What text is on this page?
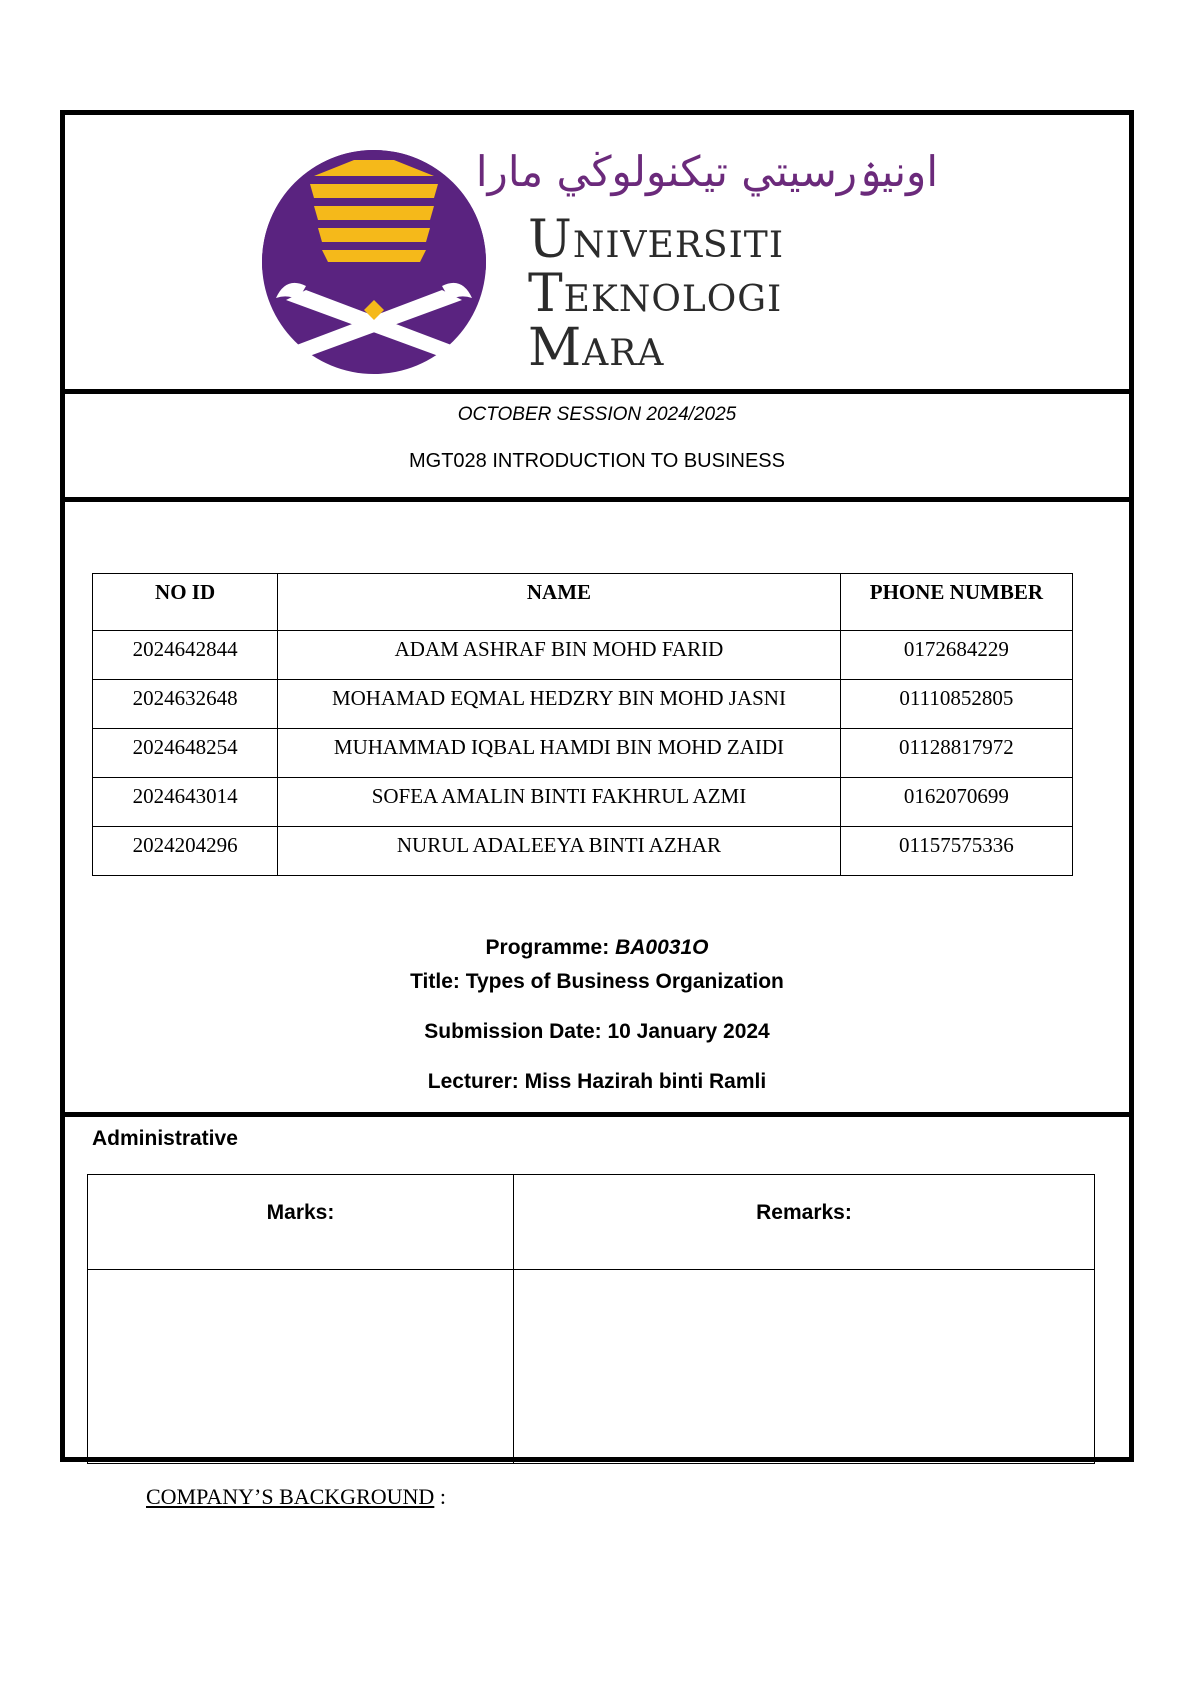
اونيۏرسيتي تيكنولوڬي مارا
Universiti
Teknologi
Mara
OCTOBER SESSION 2024/2025
MGT028 INTRODUCTION TO BUSINESS
NO ID	NAME	PHONE NUMBER
2024642844	ADAM ASHRAF BIN MOHD FARID	0172684229
2024632648	MOHAMAD EQMAL HEDZRY BIN MOHD JASNI	01110852805
2024648254	MUHAMMAD IQBAL HAMDI BIN MOHD ZAIDI	01128817972
2024643014	SOFEA AMALIN BINTI FAKHRUL AZMI	0162070699
2024204296	NURUL ADALEEYA BINTI AZHAR	01157575336
Programme: BA0031O
Title: Types of Business Organization
Submission Date: 10 January 2024
Lecturer: Miss Hazirah binti Ramli
Administrative
Marks:	Remarks:

COMPANY’S BACKGROUND :
